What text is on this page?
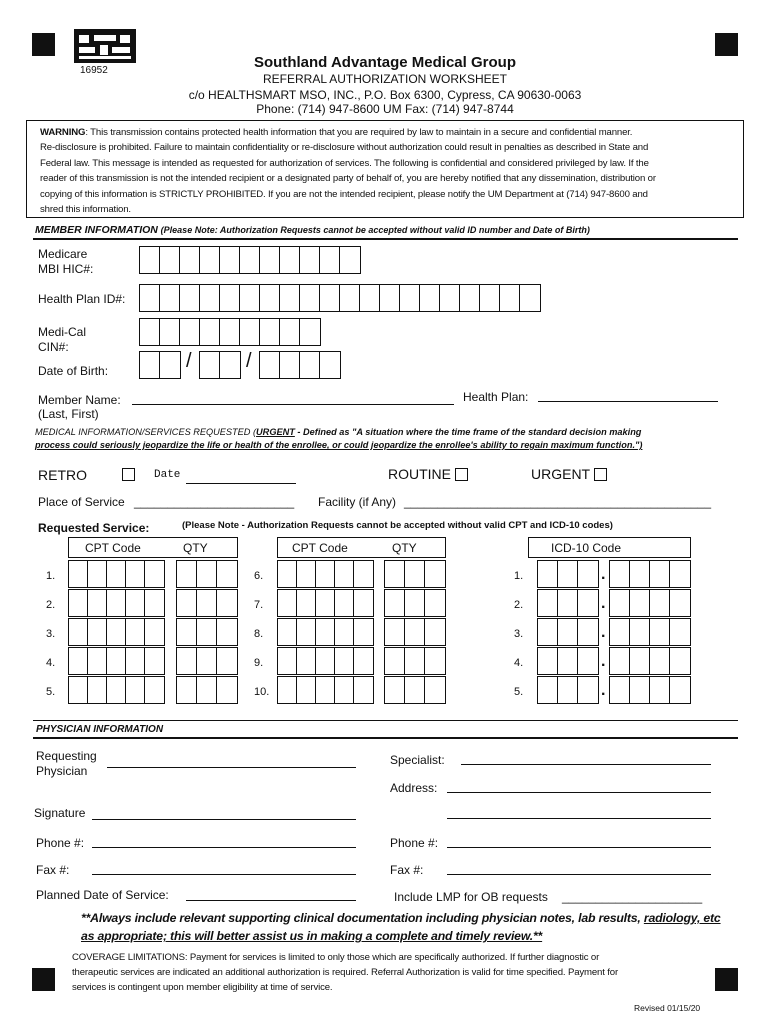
16952	Southland Advantage Medical Group
REFERRAL AUTHORIZATION WORKSHEET
c/o HEALTHSMART MSO, INC., P.O. Box 6300, Cypress, CA 90630-0063
Phone: (714) 947-8600 UM Fax: (714) 947-8744
WARNING: This transmission contains protected health information that you are required by law to maintain in a secure and confidential manner.
Re-disclosure is prohibited. Failure to maintain confidentiality or re-disclosure without authorization could result in penalties as described in State and
Federal law. This message is intended as requested for authorization of services. The following is confidential and considered privileged by law. If the
reader of this transmission is not the intended recipient or a designated party of behalf of, you are hereby notified that any dissemination, distribution or
copying of this information is STRICTLY PROHIBITED. If you are not the intended recipient, please notify the UM Department at (714) 947-8600 and
shred this information.
MEMBER INFORMATION (Please Note: Authorization Requests cannot be accepted without valid ID number and Date of Birth)
Medicare
MBI HIC#:
Health Plan ID#:
Medi-Cal
CIN#:
Date of Birth:	/	/
Member Name:
(Last, First)
Health Plan:
MEDICAL INFORMATION/SERVICES REQUESTED (URGENT - Defined as "A situation where the time frame of the standard decision making
process could seriously jeopardize the life or health of the enrollee, or could jeopardize the enrollee's ability to regain maximum function.")
RETRO	Date	ROUTINE	URGENT
Place of Service ________________________ Facility (if Any) ______________________________________________
Requested Service:	(Please Note - Authorization Requests cannot be accepted without valid CPT and ICD-10 codes)
CPT Code	QTY	CPT Code	QTY	ICD-10 Code
1.	6.	1.	.
2.	7.	2.	.
3.	8.	3.	.
4.	9.	4.	.
5.	10.	5.	.
PHYSICIAN INFORMATION
Requesting
Physician
Specialist:
Address:
Signature
Phone #:	Phone #:
Fax #:	Fax #:
Planned Date of Service:	Include LMP for OB requests _____________________
**Always include relevant supporting clinical documentation including physician notes, lab results, radiology, etc
as appropriate; this will better assist us in making a complete and timely review.**
COVERAGE LIMITATIONS: Payment for services is limited to only those which are specifically authorized. If further diagnostic or
therapeutic services are indicated an additional authorization is required. Referral Authorization is valid for time specified. Payment for
services is contingent upon member eligibility at time of service.
Revised 01/15/20
